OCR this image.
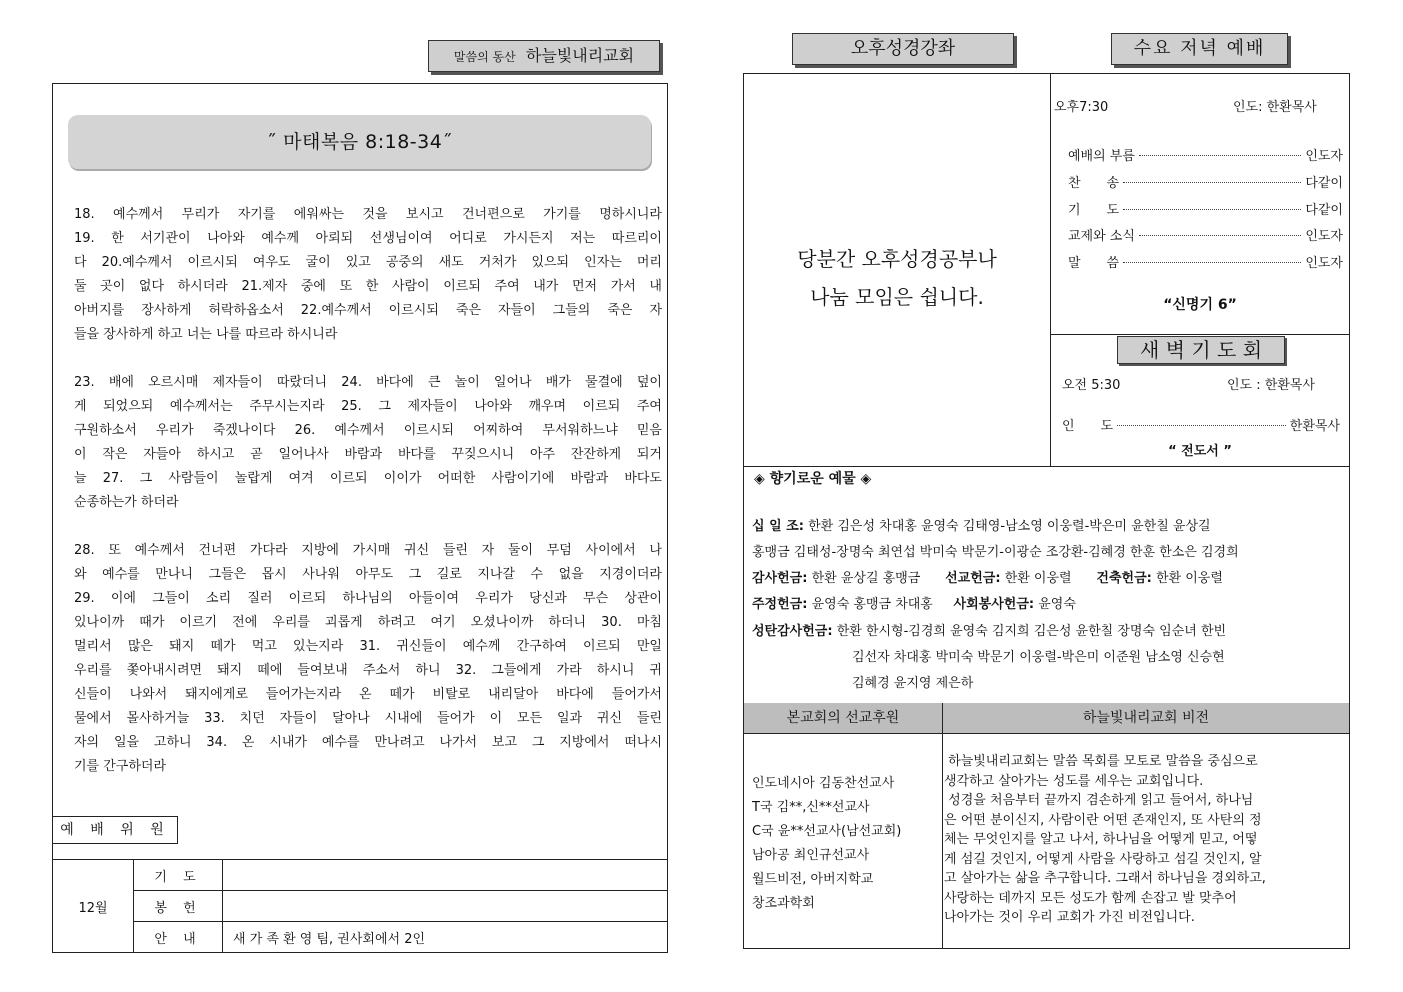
말씀의 동산 하늘빛내리교회
˝ 마태복음 8:18-34˝
18. 예수께서 무리가 자기를 에워싸는 것을 보시고 건너편으로 가기를 명하시니라
19. 한 서기관이 나아와 예수께 아뢰되 선생님이여 어디로 가시든지 저는 따르리이
다 20.예수께서 이르시되 여우도 굴이 있고 공중의 새도 거처가 있으되 인자는 머리
둘 곳이 없다 하시더라 21.제자 중에 또 한 사람이 이르되 주여 내가 먼저 가서 내
아버지를 장사하게 허락하옵소서 22.예수께서 이르시되 죽은 자들이 그들의 죽은 자
들을 장사하게 하고 너는 나를 따르라 하시니라
23. 배에 오르시매 제자들이 따랐더니 24. 바다에 큰 놀이 일어나 배가 물결에 덮이
게 되었으되 예수께서는 주무시는지라 25. 그 제자들이 나아와 깨우며 이르되 주여
구원하소서 우리가 죽겠나이다 26. 예수께서 이르시되 어찌하여 무서워하느냐 믿음
이 작은 자들아 하시고 곧 일어나사 바람과 바다를 꾸짖으시니 아주 잔잔하게 되거
늘 27. 그 사람들이 놀랍게 여겨 이르되 이이가 어떠한 사람이기에 바람과 바다도
순종하는가 하더라
28. 또 예수께서 건너편 가다라 지방에 가시매 귀신 들린 자 둘이 무덤 사이에서 나
와 예수를 만나니 그들은 몹시 사나워 아무도 그 길로 지나갈 수 없을 지경이더라
29. 이에 그들이 소리 질러 이르되 하나님의 아들이여 우리가 당신과 무슨 상관이
있나이까 때가 이르기 전에 우리를 괴롭게 하려고 여기 오셨나이까 하더니 30. 마침
멀리서 많은 돼지 떼가 먹고 있는지라 31. 귀신들이 예수께 간구하여 이르되 만일
우리를 쫓아내시려면 돼지 떼에 들여보내 주소서 하니 32. 그들에게 가라 하시니 귀
신들이 나와서 돼지에게로 들어가는지라 온 떼가 비탈로 내리달아 바다에 들어가서
물에서 몰사하거늘 33. 치던 자들이 달아나 시내에 들어가 이 모든 일과 귀신 들린
자의 일을 고하니 34. 온 시내가 예수를 만나려고 나가서 보고 그 지방에서 떠나시
기를 간구하더라
예 배 위 원
12월	기 도	
	봉 헌	
	안 내	새 가 족 환 영 팀, 권사회에서 2인
오후성경강좌	수요 저녁 예배
당분간 오후성경공부나
나눔 모임은 쉽니다.
오후7:30	인도: 한환목사
예배의 부름	인도자
찬　　송	다같이
기　　도	다같이
교제와 소식	인도자
말　　씀	인도자
“신명기 6”
새 벽 기 도 회
오전 5:30	인도 : 한환목사
인　　도	한환목사
“ 전도서 ”
◈ 향기로운 예물 ◈
십 일 조: 한환 김은성 차대홍 윤영숙 김태영-남소영 이웅렬-박은미 윤한칠 윤상길
홍맹금 김태성-장명숙 최연섭 박미숙 박문기-이광순 조강환-김혜경 한훈 한소은 김경희
감사헌금: 한환 윤상길 홍맹금 선교헌금: 한환 이웅렬 건축헌금: 한환 이웅렬
주정헌금: 윤영숙 홍맹금 차대홍 사회봉사헌금: 윤영숙
성탄감사헌금: 한환 한시형-김경희 윤영숙 김지희 김은성 윤한칠 장명숙 임순녀 한빈
김선자 차대홍 박미숙 박문기 이웅렬-박은미 이준원 남소영 신승현
김혜경 윤지영 제은하
본교회의 선교후원	하늘빛내리교회 비전
인도네시아 김동찬선교사
T국 김**,신**선교사
C국 윤**선교사(남선교회)
남아공 최인규선교사
월드비전, 아버지학교
창조과학회
하늘빛내리교회는 말씀 목회를 모토로 말씀을 중심으로
생각하고 살아가는 성도를 세우는 교회입니다.
성경을 처음부터 끝까지 겸손하게 읽고 들어서, 하나님
은 어떤 분이신지, 사람이란 어떤 존재인지, 또 사탄의 정
체는 무엇인지를 알고 나서, 하나님을 어떻게 믿고, 어떻
게 섬길 것인지, 어떻게 사람을 사랑하고 섬길 것인지, 알
고 살아가는 삶을 추구합니다. 그래서 하나님을 경외하고,
사랑하는 데까지 모든 성도가 함께 손잡고 발 맞추어
나아가는 것이 우리 교회가 가진 비전입니다.
